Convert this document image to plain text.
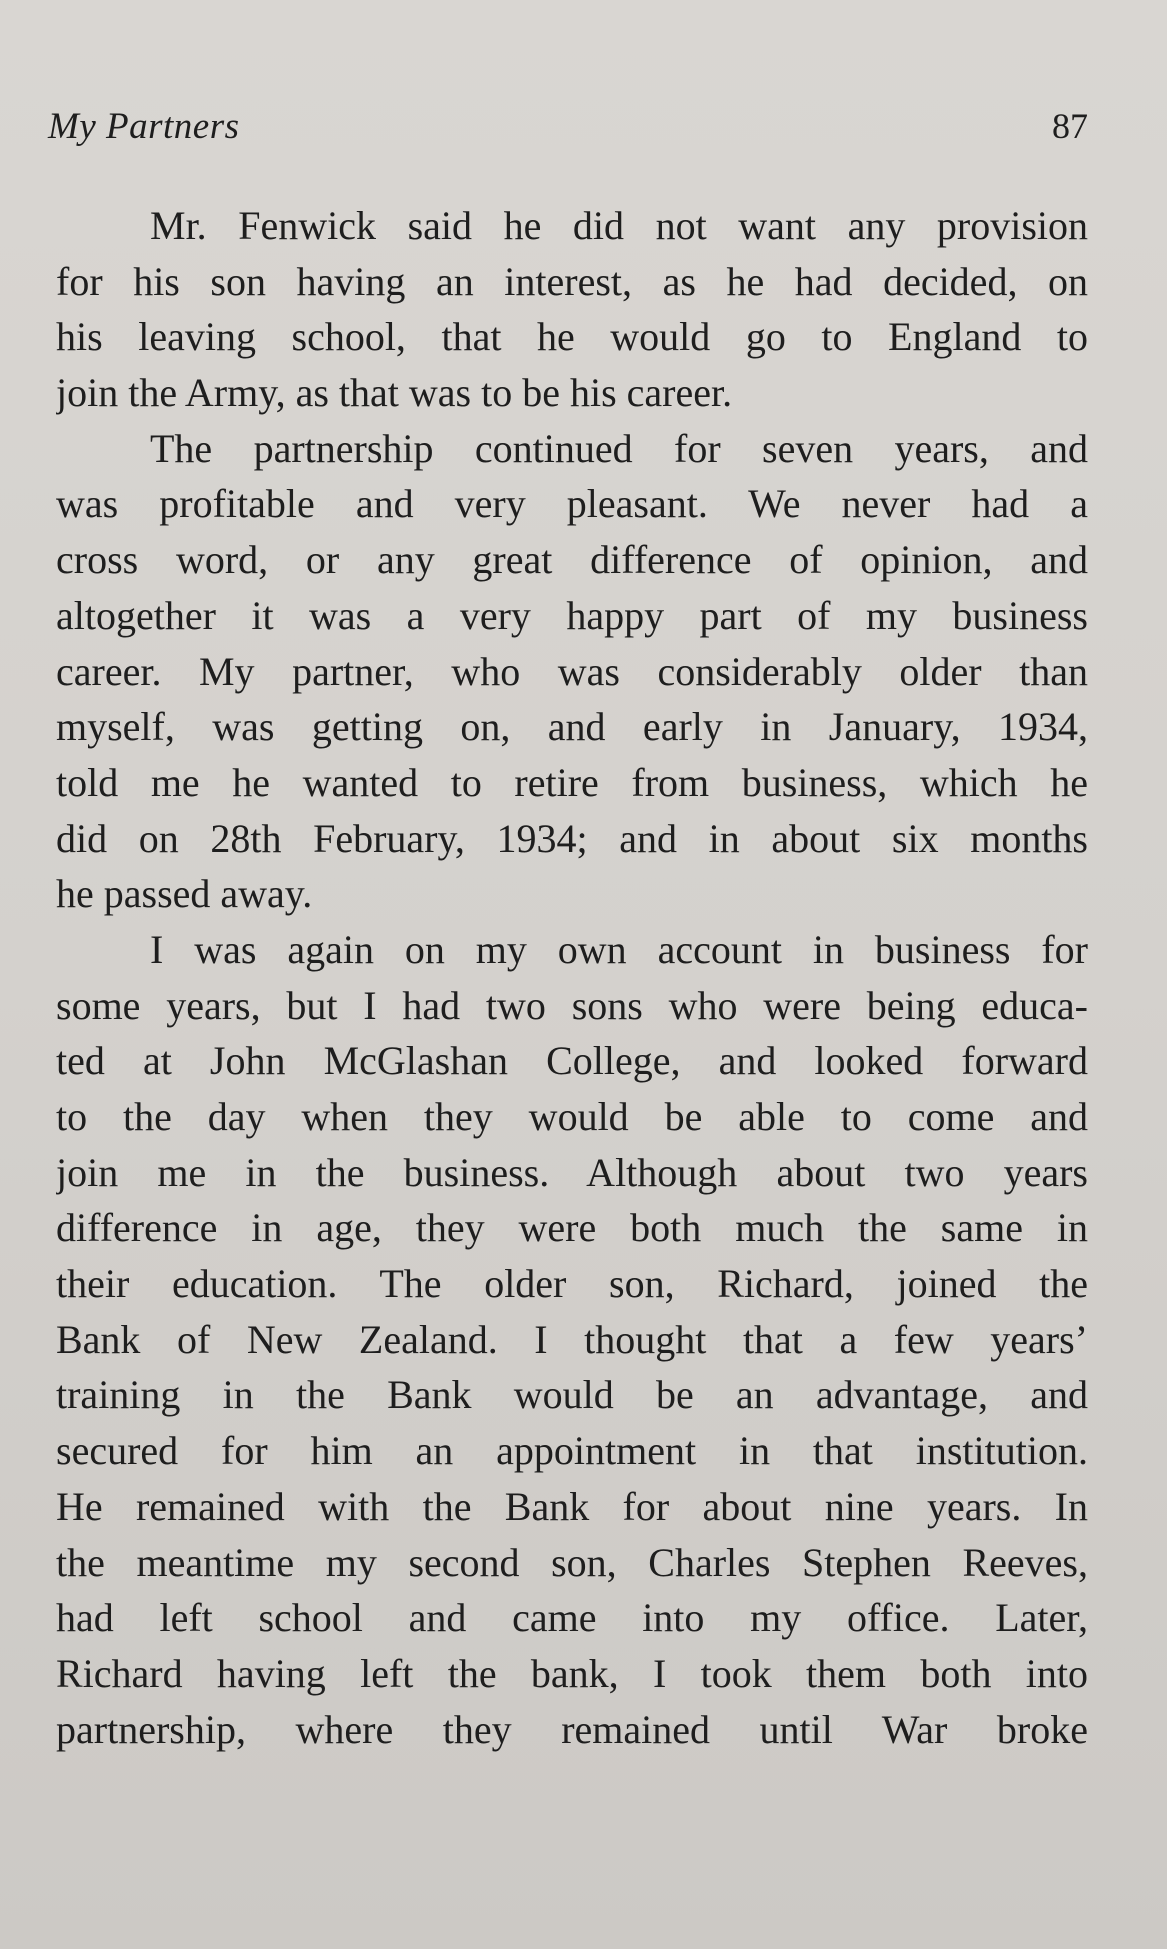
My Partners	87
Mr. Fenwick said he did not want any provision
for his son having an interest, as he had decided, on
his leaving school, that he would go to England to
join the Army, as that was to be his career.
The partnership continued for seven years, and
was profitable and very pleasant. We never had a
cross word, or any great difference of opinion, and
altogether it was a very happy part of my business
career. My partner, who was considerably older than
myself, was getting on, and early in January, 1934,
told me he wanted to retire from business, which he
did on 28th February, 1934; and in about six months
he passed away.
I was again on my own account in business for
some years, but I had two sons who were being educa-
ted at John McGlashan College, and looked forward
to the day when they would be able to come and
join me in the business. Although about two years
difference in age, they were both much the same in
their education. The older son, Richard, joined the
Bank of New Zealand. I thought that a few years’
training in the Bank would be an advantage, and
secured for him an appointment in that institution.
He remained with the Bank for about nine years. In
the meantime my second son, Charles Stephen Reeves,
had left school and came into my office. Later,
Richard having left the bank, I took them both into
partnership, where they remained until War broke
